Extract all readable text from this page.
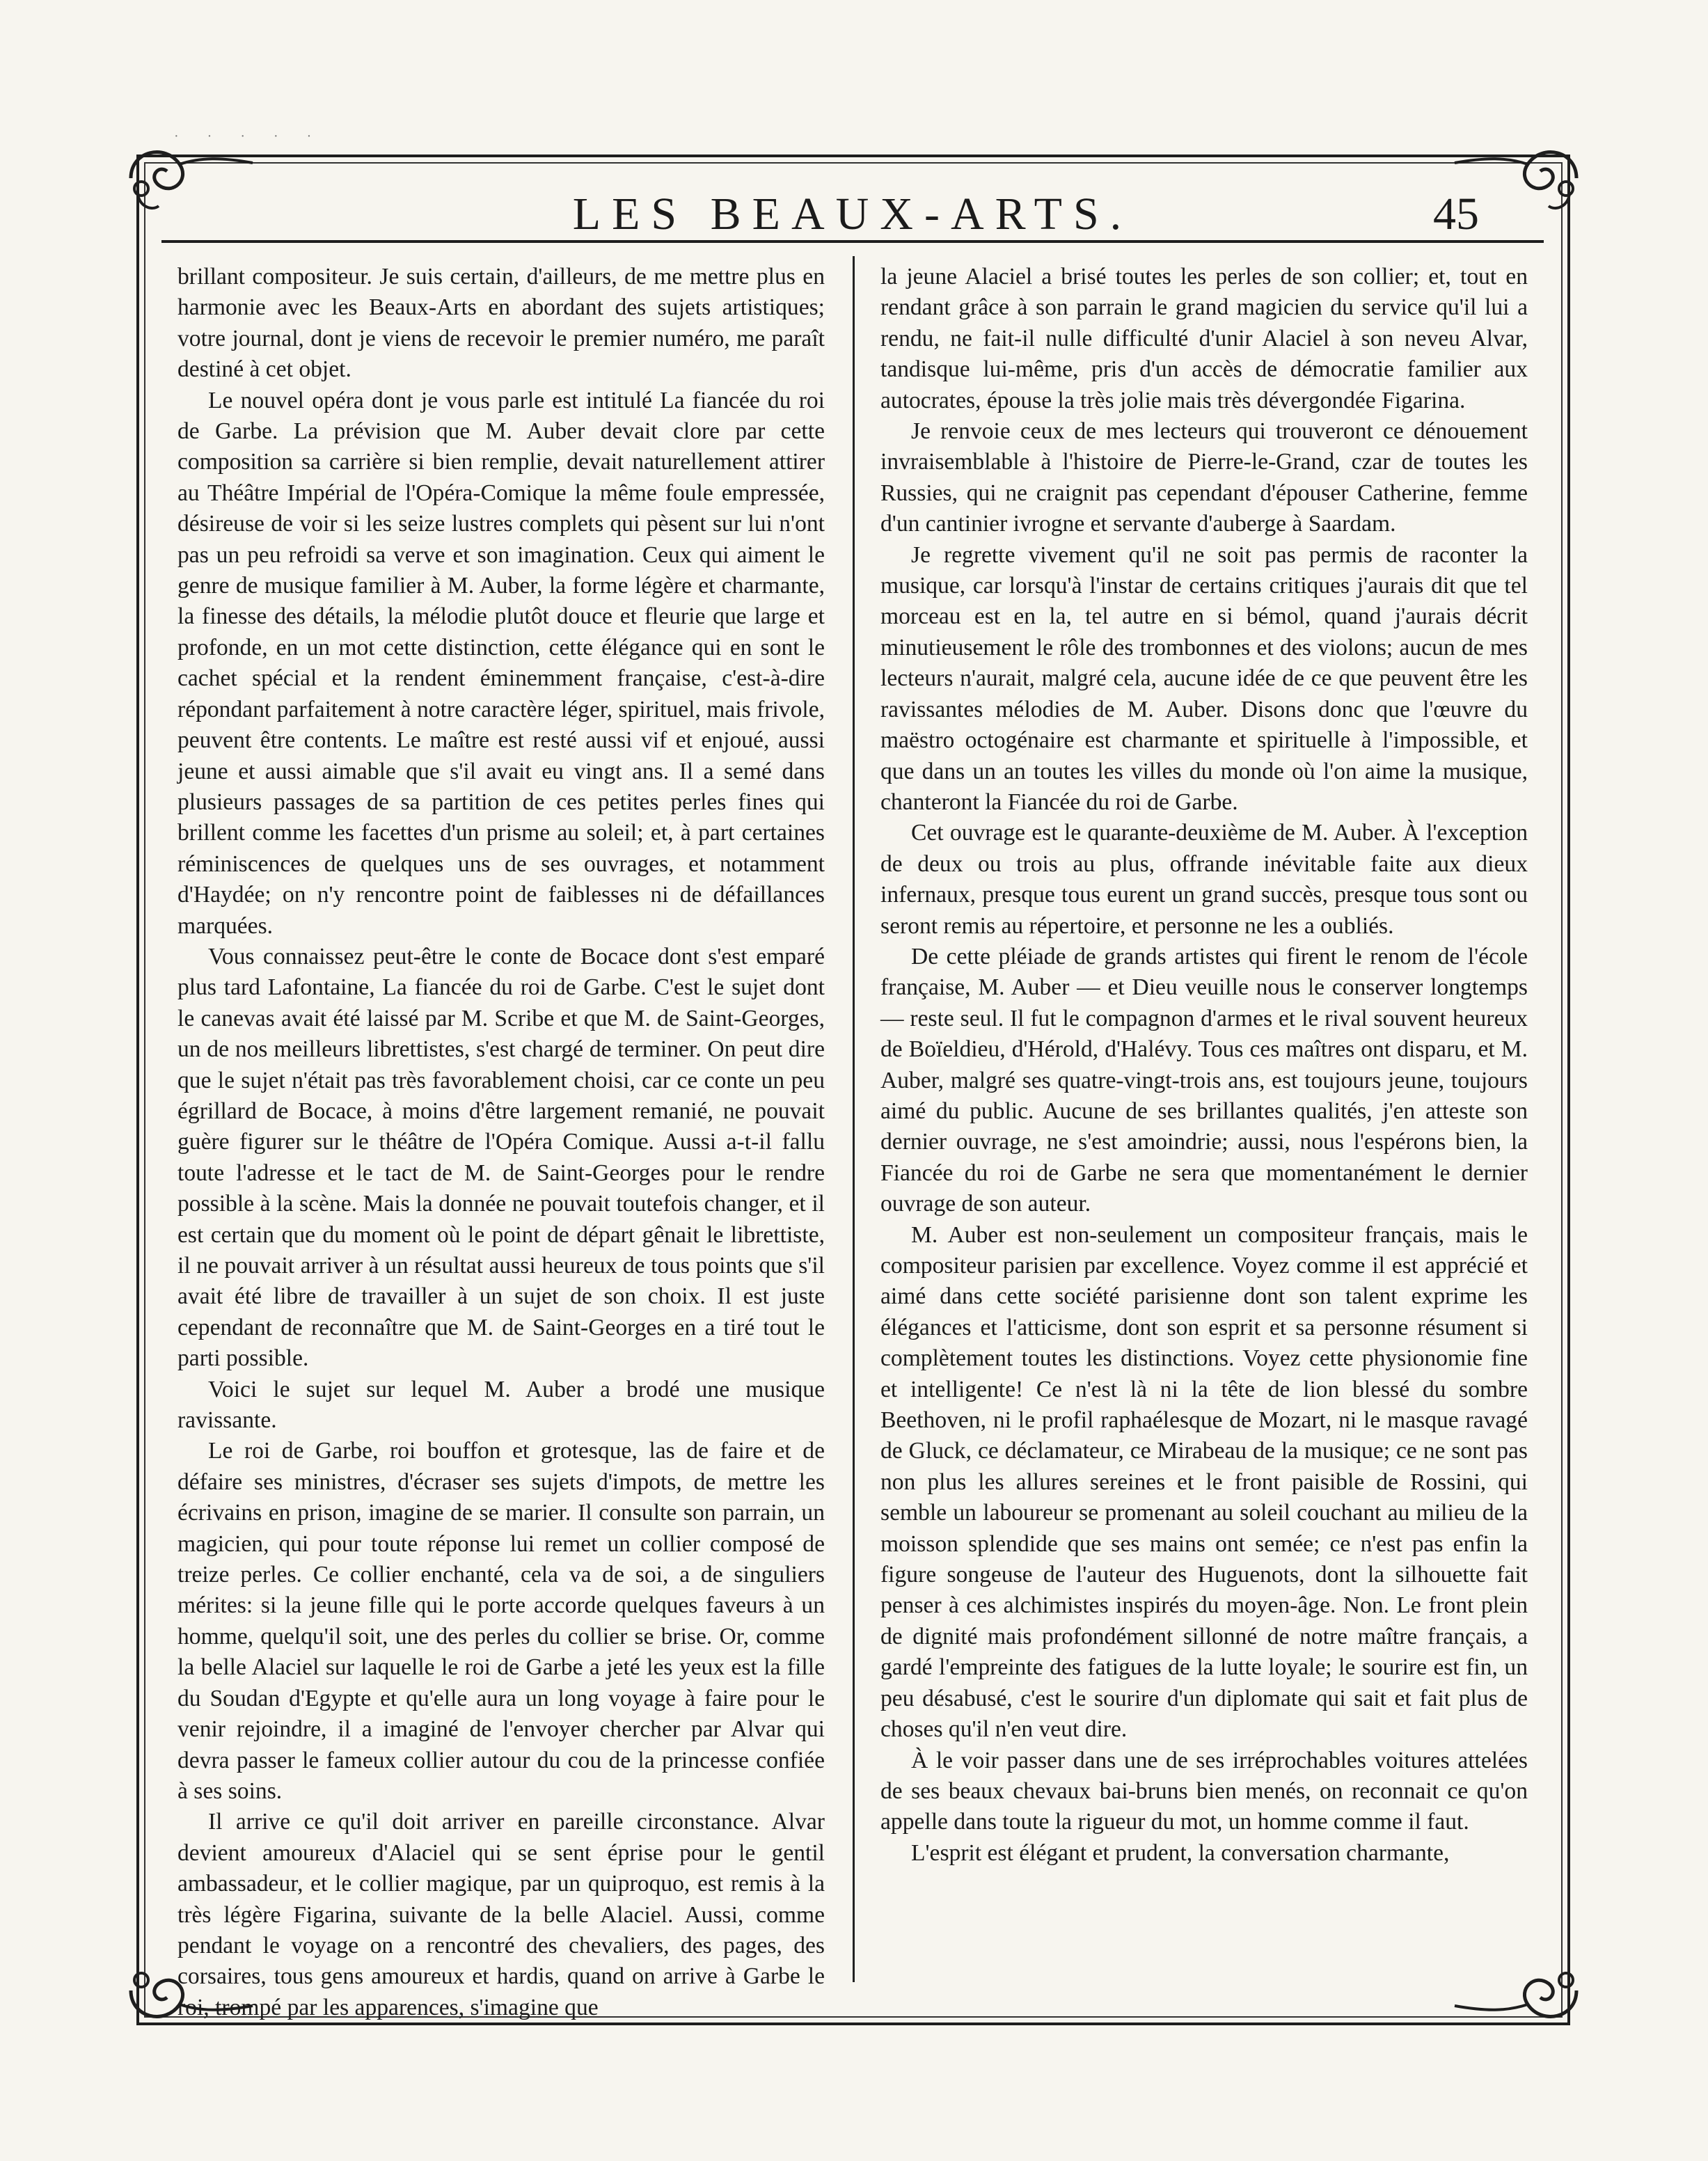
· · · · ·
LES BEAUX-ARTS.	45

brillant compositeur. Je suis certain, d'ailleurs, de me mettre plus en harmonie avec les Beaux-Arts en abordant des sujets artistiques; votre journal, dont je viens de recevoir le premier numéro, me paraît destiné à cet objet.

Le nouvel opéra dont je vous parle est intitulé La fiancée du roi de Garbe. La prévision que M. Auber devait clore par cette composition sa carrière si bien remplie, devait naturellement attirer au Théâtre Impérial de l'Opéra-Comique la même foule empressée, désireuse de voir si les seize lustres complets qui pèsent sur lui n'ont pas un peu refroidi sa verve et son imagination. Ceux qui aiment le genre de musique familier à M. Auber, la forme légère et charmante, la finesse des détails, la mélodie plutôt douce et fleurie que large et profonde, en un mot cette distinction, cette élégance qui en sont le cachet spécial et la rendent éminemment française, c'est-à-dire répondant parfaitement à notre caractère léger, spirituel, mais frivole, peuvent être contents. Le maître est resté aussi vif et enjoué, aussi jeune et aussi aimable que s'il avait eu vingt ans. Il a semé dans plusieurs passages de sa partition de ces petites perles fines qui brillent comme les facettes d'un prisme au soleil; et, à part certaines réminiscences de quelques uns de ses ouvrages, et notamment d'Haydée; on n'y rencontre point de faiblesses ni de défaillances marquées.

Vous connaissez peut-être le conte de Bocace dont s'est emparé plus tard Lafontaine, La fiancée du roi de Garbe. C'est le sujet dont le canevas avait été laissé par M. Scribe et que M. de Saint-Georges, un de nos meilleurs librettistes, s'est chargé de terminer. On peut dire que le sujet n'était pas très favorablement choisi, car ce conte un peu égrillard de Bocace, à moins d'être largement remanié, ne pouvait guère figurer sur le théâtre de l'Opéra Comique. Aussi a-t-il fallu toute l'adresse et le tact de M. de Saint-Georges pour le rendre possible à la scène. Mais la donnée ne pouvait toutefois changer, et il est certain que du moment où le point de départ gênait le librettiste, il ne pouvait arriver à un résultat aussi heureux de tous points que s'il avait été libre de travailler à un sujet de son choix. Il est juste cependant de reconnaître que M. de Saint-Georges en a tiré tout le parti possible.

Voici le sujet sur lequel M. Auber a brodé une musique ravissante.

Le roi de Garbe, roi bouffon et grotesque, las de faire et de défaire ses ministres, d'écraser ses sujets d'impots, de mettre les écrivains en prison, imagine de se marier. Il consulte son parrain, un magicien, qui pour toute réponse lui remet un collier composé de treize perles. Ce collier enchanté, cela va de soi, a de singuliers mérites: si la jeune fille qui le porte accorde quelques faveurs à un homme, quelqu'il soit, une des perles du collier se brise. Or, comme la belle Alaciel sur laquelle le roi de Garbe a jeté les yeux est la fille du Soudan d'Egypte et qu'elle aura un long voyage à faire pour le venir rejoindre, il a imaginé de l'envoyer chercher par Alvar qui devra passer le fameux collier autour du cou de la princesse confiée à ses soins.

Il arrive ce qu'il doit arriver en pareille circonstance. Alvar devient amoureux d'Alaciel qui se sent éprise pour le gentil ambassadeur, et le collier magique, par un quiproquo, est remis à la très légère Figarina, suivante de la belle Alaciel. Aussi, comme pendant le voyage on a rencontré des chevaliers, des pages, des corsaires, tous gens amoureux et hardis, quand on arrive à Garbe le roi, trompé par les apparences, s'imagine que

la jeune Alaciel a brisé toutes les perles de son collier; et, tout en rendant grâce à son parrain le grand magicien du service qu'il lui a rendu, ne fait-il nulle difficulté d'unir Alaciel à son neveu Alvar, tandisque lui-même, pris d'un accès de démocratie familier aux autocrates, épouse la très jolie mais très dévergondée Figarina.

Je renvoie ceux de mes lecteurs qui trouveront ce dénouement invraisemblable à l'histoire de Pierre-le-Grand, czar de toutes les Russies, qui ne craignit pas cependant d'épouser Catherine, femme d'un cantinier ivrogne et servante d'auberge à Saardam.

Je regrette vivement qu'il ne soit pas permis de raconter la musique, car lorsqu'à l'instar de certains critiques j'aurais dit que tel morceau est en la, tel autre en si bémol, quand j'aurais décrit minutieusement le rôle des trombonnes et des violons; aucun de mes lecteurs n'aurait, malgré cela, aucune idée de ce que peuvent être les ravissantes mélodies de M. Auber. Disons donc que l'œuvre du maëstro octogénaire est charmante et spirituelle à l'impossible, et que dans un an toutes les villes du monde où l'on aime la musique, chanteront la Fiancée du roi de Garbe.

Cet ouvrage est le quarante-deuxième de M. Auber. À l'exception de deux ou trois au plus, offrande inévitable faite aux dieux infernaux, presque tous eurent un grand succès, presque tous sont ou seront remis au répertoire, et personne ne les a oubliés.

De cette pléiade de grands artistes qui firent le renom de l'école française, M. Auber — et Dieu veuille nous le conserver longtemps — reste seul. Il fut le compagnon d'armes et le rival souvent heureux de Boïeldieu, d'Hérold, d'Halévy. Tous ces maîtres ont disparu, et M. Auber, malgré ses quatre-vingt-trois ans, est toujours jeune, toujours aimé du public. Aucune de ses brillantes qualités, j'en atteste son dernier ouvrage, ne s'est amoindrie; aussi, nous l'espérons bien, la Fiancée du roi de Garbe ne sera que momentanément le dernier ouvrage de son auteur.

M. Auber est non-seulement un compositeur français, mais le compositeur parisien par excellence. Voyez comme il est apprécié et aimé dans cette société parisienne dont son talent exprime les élégances et l'atticisme, dont son esprit et sa personne résument si complètement toutes les distinctions. Voyez cette physionomie fine et intelligente! Ce n'est là ni la tête de lion blessé du sombre Beethoven, ni le profil raphaélesque de Mozart, ni le masque ravagé de Gluck, ce déclamateur, ce Mirabeau de la musique; ce ne sont pas non plus les allures sereines et le front paisible de Rossini, qui semble un laboureur se promenant au soleil couchant au milieu de la moisson splendide que ses mains ont semée; ce n'est pas enfin la figure songeuse de l'auteur des Huguenots, dont la silhouette fait penser à ces alchimistes inspirés du moyen-âge. Non. Le front plein de dignité mais profondément sillonné de notre maître français, a gardé l'empreinte des fatigues de la lutte loyale; le sourire est fin, un peu désabusé, c'est le sourire d'un diplomate qui sait et fait plus de choses qu'il n'en veut dire.

À le voir passer dans une de ses irréprochables voitures attelées de ses beaux chevaux bai-bruns bien menés, on reconnait ce qu'on appelle dans toute la rigueur du mot, un homme comme il faut.

L'esprit est élégant et prudent, la conversation charmante,
